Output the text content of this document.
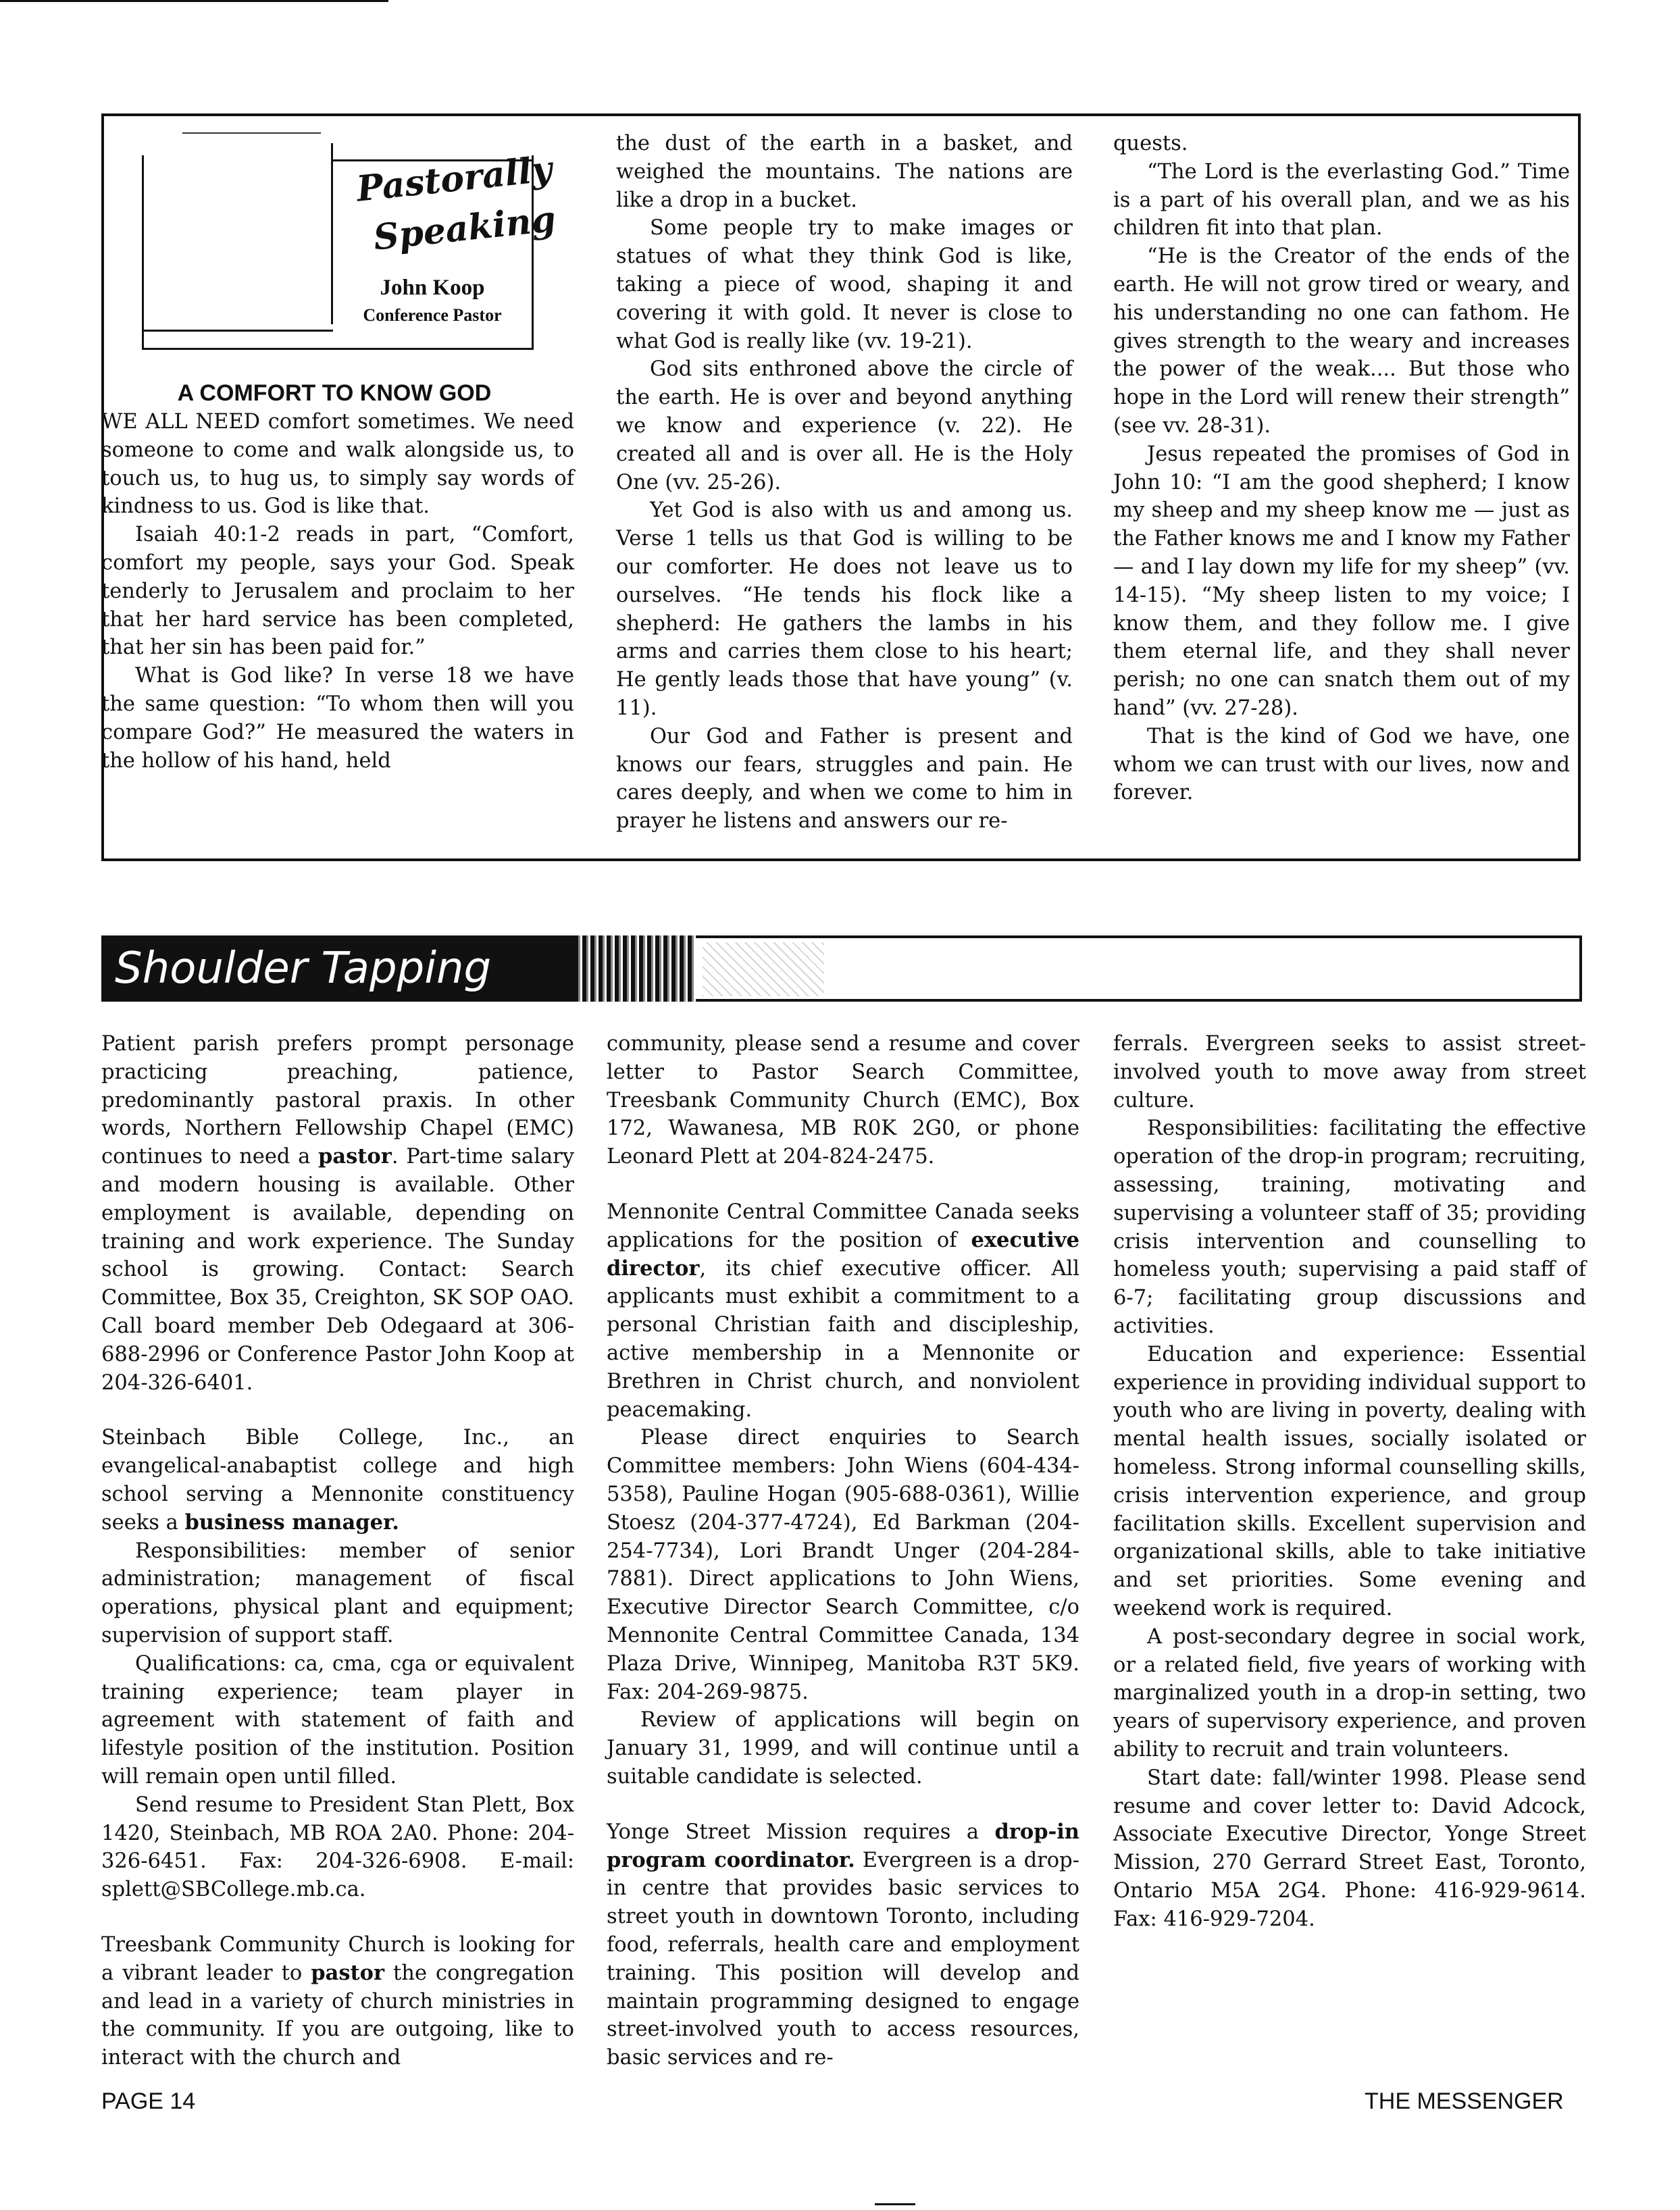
Pastorally
Speaking
John Koop
Conference Pastor
A COMFORT TO KNOW GOD

WE ALL NEED comfort sometimes. We need someone to come and walk alongside us, to touch us, to hug us, to simply say words of kindness to us. God is like that.

Isaiah 40:1-2 reads in part, “Comfort, comfort my people, says your God. Speak tenderly to Jerusalem and proclaim to her that her hard service has been completed, that her sin has been paid for.”

What is God like? In verse 18 we have the same question: “To whom then will you compare God?” He measured the waters in the hollow of his hand, held

the dust of the earth in a basket, and weighed the mountains. The nations are like a drop in a bucket.

Some people try to make images or statues of what they think God is like, taking a piece of wood, shaping it and covering it with gold. It never is close to what God is really like (vv. 19-21).

God sits enthroned above the circle of the earth. He is over and beyond anything we know and experience (v. 22). He created all and is over all. He is the Holy One (vv. 25-26).

Yet God is also with us and among us. Verse 1 tells us that God is willing to be our comforter. He does not leave us to ourselves. “He tends his flock like a shepherd: He gathers the lambs in his arms and carries them close to his heart; He gently leads those that have young” (v. 11).

Our God and Father is present and knows our fears, struggles and pain. He cares deeply, and when we come to him in prayer he listens and answers our re-

quests.

“The Lord is the everlasting God.” Time is a part of his overall plan, and we as his children fit into that plan.

“He is the Creator of the ends of the earth. He will not grow tired or weary, and his understanding no one can fathom. He gives strength to the weary and increases the power of the weak.... But those who hope in the Lord will renew their strength” (see vv. 28-31).

Jesus repeated the promises of God in John 10: “I am the good shepherd; I know my sheep and my sheep know me — just as the Father knows me and I know my Father — and I lay down my life for my sheep” (vv. 14-15). “My sheep listen to my voice; I know them, and they follow me. I give them eternal life, and they shall never perish; no one can snatch them out of my hand” (vv. 27-28).

That is the kind of God we have, one whom we can trust with our lives, now and forever.

Shoulder Tapping

Patient parish prefers prompt personage practicing preaching, patience, predominantly pastoral praxis. In other words, Northern Fellowship Chapel (EMC) continues to need a pastor. Part-time salary and modern housing is available. Other employment is available, depending on training and work experience. The Sunday school is growing. Contact: Search Committee, Box 35, Creighton, SK SOP OAO. Call board member Deb Odegaard at 306-688-2996 or Conference Pastor John Koop at 204-326-6401.

Steinbach Bible College, Inc., an evangelical-anabaptist college and high school serving a Mennonite constituency seeks a business manager.

Responsibilities: member of senior administration; management of fiscal operations, physical plant and equipment; supervision of support staff.

Qualifications: ca, cma, cga or equivalent training experience; team player in agreement with statement of faith and lifestyle position of the institution. Position will remain open until filled.

Send resume to President Stan Plett, Box 1420, Steinbach, MB ROA 2A0. Phone: 204-326-6451. Fax: 204-326-6908. E-mail: splett@SBCollege.mb.ca.

Treesbank Community Church is looking for a vibrant leader to pastor the congregation and lead in a variety of church ministries in the community. If you are outgoing, like to interact with the church and

community, please send a resume and cover letter to Pastor Search Committee, Treesbank Community Church (EMC), Box 172, Wawanesa, MB R0K 2G0, or phone Leonard Plett at 204-824-2475.

Mennonite Central Committee Canada seeks applications for the position of executive director, its chief executive officer. All applicants must exhibit a commitment to a personal Christian faith and discipleship, active membership in a Mennonite or Brethren in Christ church, and nonviolent peacemaking.

Please direct enquiries to Search Committee members: John Wiens (604-434-5358), Pauline Hogan (905-688-0361), Willie Stoesz (204-377-4724), Ed Barkman (204-254-7734), Lori Brandt Unger (204-284-7881). Direct applications to John Wiens, Executive Director Search Committee, c/o Mennonite Central Committee Canada, 134 Plaza Drive, Winnipeg, Manitoba R3T 5K9. Fax: 204-269-9875.

Review of applications will begin on January 31, 1999, and will continue until a suitable candidate is selected.

Yonge Street Mission requires a drop-in program coordinator. Evergreen is a drop-in centre that provides basic services to street youth in downtown Toronto, including food, referrals, health care and employment training. This position will develop and maintain programming designed to engage street-involved youth to access resources, basic services and re-

ferrals. Evergreen seeks to assist street-involved youth to move away from street culture.

Responsibilities: facilitating the effective operation of the drop-in program; recruiting, assessing, training, motivating and supervising a volunteer staff of 35; providing crisis intervention and counselling to homeless youth; supervising a paid staff of 6-7; facilitating group discussions and activities.

Education and experience: Essential experience in providing individual support to youth who are living in poverty, dealing with mental health issues, socially isolated or homeless. Strong informal counselling skills, crisis intervention experience, and group facilitation skills. Excellent supervision and organizational skills, able to take initiative and set priorities. Some evening and weekend work is required.

A post-secondary degree in social work, or a related field, five years of working with marginalized youth in a drop-in setting, two years of supervisory experience, and proven ability to recruit and train volunteers.

Start date: fall/winter 1998. Please send resume and cover letter to: David Adcock, Associate Executive Director, Yonge Street Mission, 270 Gerrard Street East, Toronto, Ontario M5A 2G4. Phone: 416-929-9614. Fax: 416-929-7204.

PAGE 14	THE MESSENGER
